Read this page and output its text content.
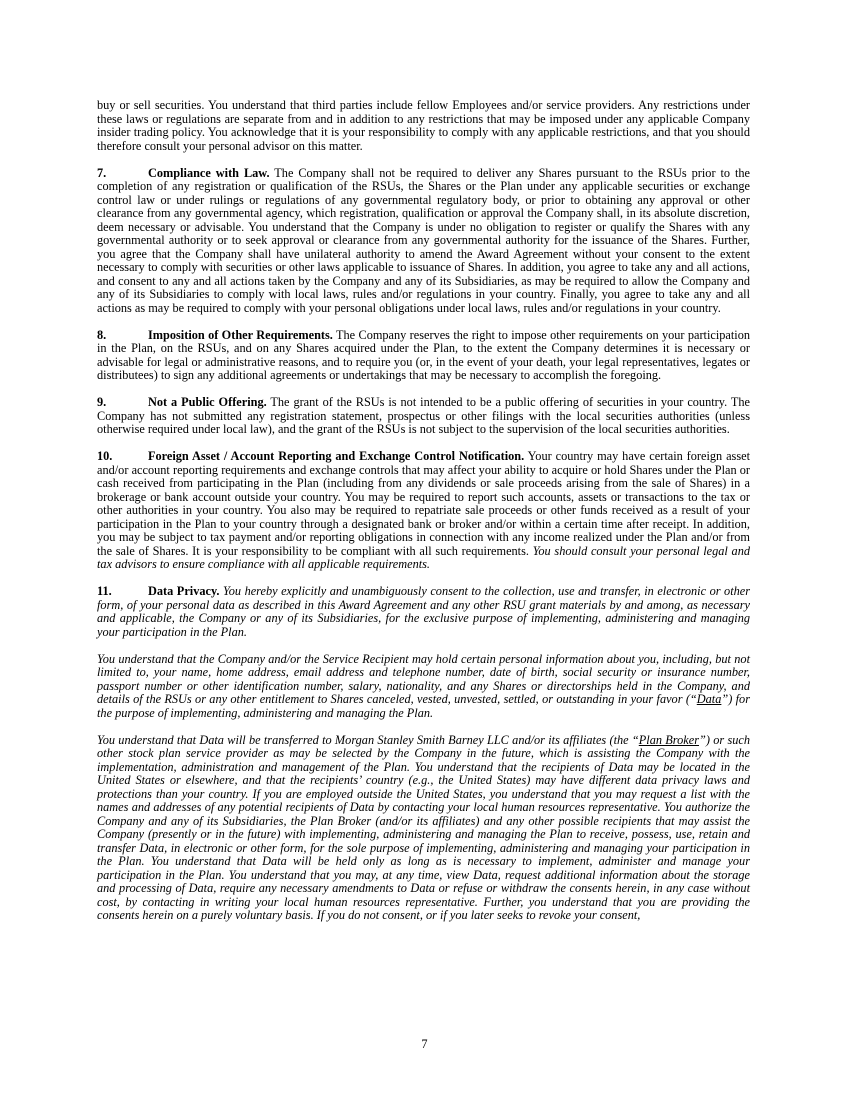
buy or sell securities. You understand that third parties include fellow Employees and/or service providers. Any restrictions under these laws or regulations are separate from and in addition to any restrictions that may be imposed under any applicable Company insider trading policy. You acknowledge that it is your responsibility to comply with any applicable restrictions, and that you should therefore consult your personal advisor on this matter.

7.	Compliance with Law. The Company shall not be required to deliver any Shares pursuant to the RSUs prior to the completion of any registration or qualification of the RSUs, the Shares or the Plan under any applicable securities or exchange control law or under rulings or regulations of any governmental regulatory body, or prior to obtaining any approval or other clearance from any governmental agency, which registration, qualification or approval the Company shall, in its absolute discretion, deem necessary or advisable. You understand that the Company is under no obligation to register or qualify the Shares with any governmental authority or to seek approval or clearance from any governmental authority for the issuance of the Shares. Further, you agree that the Company shall have unilateral authority to amend the Award Agreement without your consent to the extent necessary to comply with securities or other laws applicable to issuance of Shares. In addition, you agree to take any and all actions, and consent to any and all actions taken by the Company and any of its Subsidiaries, as may be required to allow the Company and any of its Subsidiaries to comply with local laws, rules and/or regulations in your country. Finally, you agree to take any and all actions as may be required to comply with your personal obligations under local laws, rules and/or regulations in your country.

8.	Imposition of Other Requirements. The Company reserves the right to impose other requirements on your participation in the Plan, on the RSUs, and on any Shares acquired under the Plan, to the extent the Company determines it is necessary or advisable for legal or administrative reasons, and to require you (or, in the event of your death, your legal representatives, legates or distributees) to sign any additional agreements or undertakings that may be necessary to accomplish the foregoing.

9.	Not a Public Offering. The grant of the RSUs is not intended to be a public offering of securities in your country. The Company has not submitted any registration statement, prospectus or other filings with the local securities authorities (unless otherwise required under local law), and the grant of the RSUs is not subject to the supervision of the local securities authorities.

10.	Foreign Asset / Account Reporting and Exchange Control Notification. Your country may have certain foreign asset and/or account reporting requirements and exchange controls that may affect your ability to acquire or hold Shares under the Plan or cash received from participating in the Plan (including from any dividends or sale proceeds arising from the sale of Shares) in a brokerage or bank account outside your country. You may be required to report such accounts, assets or transactions to the tax or other authorities in your country. You also may be required to repatriate sale proceeds or other funds received as a result of your participation in the Plan to your country through a designated bank or broker and/or within a certain time after receipt. In addition, you may be subject to tax payment and/or reporting obligations in connection with any income realized under the Plan and/or from the sale of Shares. It is your responsibility to be compliant with all such requirements. You should consult your personal legal and tax advisors to ensure compliance with all applicable requirements.

11.	Data Privacy. You hereby explicitly and unambiguously consent to the collection, use and transfer, in electronic or other form, of your personal data as described in this Award Agreement and any other RSU grant materials by and among, as necessary and applicable, the Company or any of its Subsidiaries, for the exclusive purpose of implementing, administering and managing your participation in the Plan.

You understand that the Company and/or the Service Recipient may hold certain personal information about you, including, but not limited to, your name, home address, email address and telephone number, date of birth, social security or insurance number, passport number or other identification number, salary, nationality, and any Shares or directorships held in the Company, and details of the RSUs or any other entitlement to Shares canceled, vested, unvested, settled, or outstanding in your favor (“Data”) for the purpose of implementing, administering and managing the Plan.

You understand that Data will be transferred to Morgan Stanley Smith Barney LLC and/or its affiliates (the “Plan Broker”) or such other stock plan service provider as may be selected by the Company in the future, which is assisting the Company with the implementation, administration and management of the Plan. You understand that the recipients of Data may be located in the United States or elsewhere, and that the recipients’ country (e.g., the United States) may have different data privacy laws and protections than your country. If you are employed outside the United States, you understand that you may request a list with the names and addresses of any potential recipients of Data by contacting your local human resources representative. You authorize the Company and any of its Subsidiaries, the Plan Broker (and/or its affiliates) and any other possible recipients that may assist the Company (presently or in the future) with implementing, administering and managing the Plan to receive, possess, use, retain and transfer Data, in electronic or other form, for the sole purpose of implementing, administering and managing your participation in the Plan. You understand that Data will be held only as long as is necessary to implement, administer and manage your participation in the Plan. You understand that you may, at any time, view Data, request additional information about the storage and processing of Data, require any necessary amendments to Data or refuse or withdraw the consents herein, in any case without cost, by contacting in writing your local human resources representative. Further, you understand that you are providing the consents herein on a purely voluntary basis. If you do not consent, or if you later seeks to revoke your consent,

7
